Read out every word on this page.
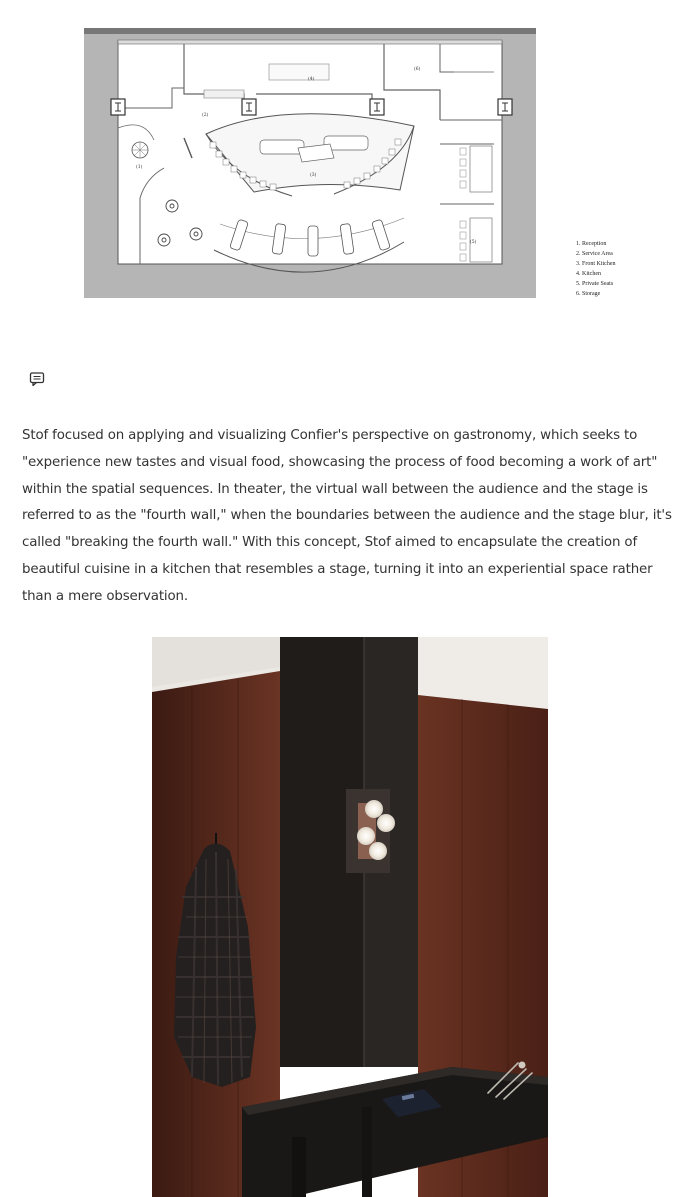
(1)
(2)
(3)
(4)
(5)
(6)
1. Reception
2. Service Area
3. Front Kitchen
4. Kitchen
5. Private Seats
6. Storage

Stof focused on applying and visualizing Confier's perspective on gastronomy, which seeks to "experience new tastes and visual food, showcasing the process of food becoming a work of art" within the spatial sequences. In theater, the virtual wall between the audience and the stage is referred to as the "fourth wall," when the boundaries between the audience and the stage blur, it's called "breaking the fourth wall." With this concept, Stof aimed to encapsulate the creation of beautiful cuisine in a kitchen that resembles a stage, turning it into an experiential space rather than a mere observation.
